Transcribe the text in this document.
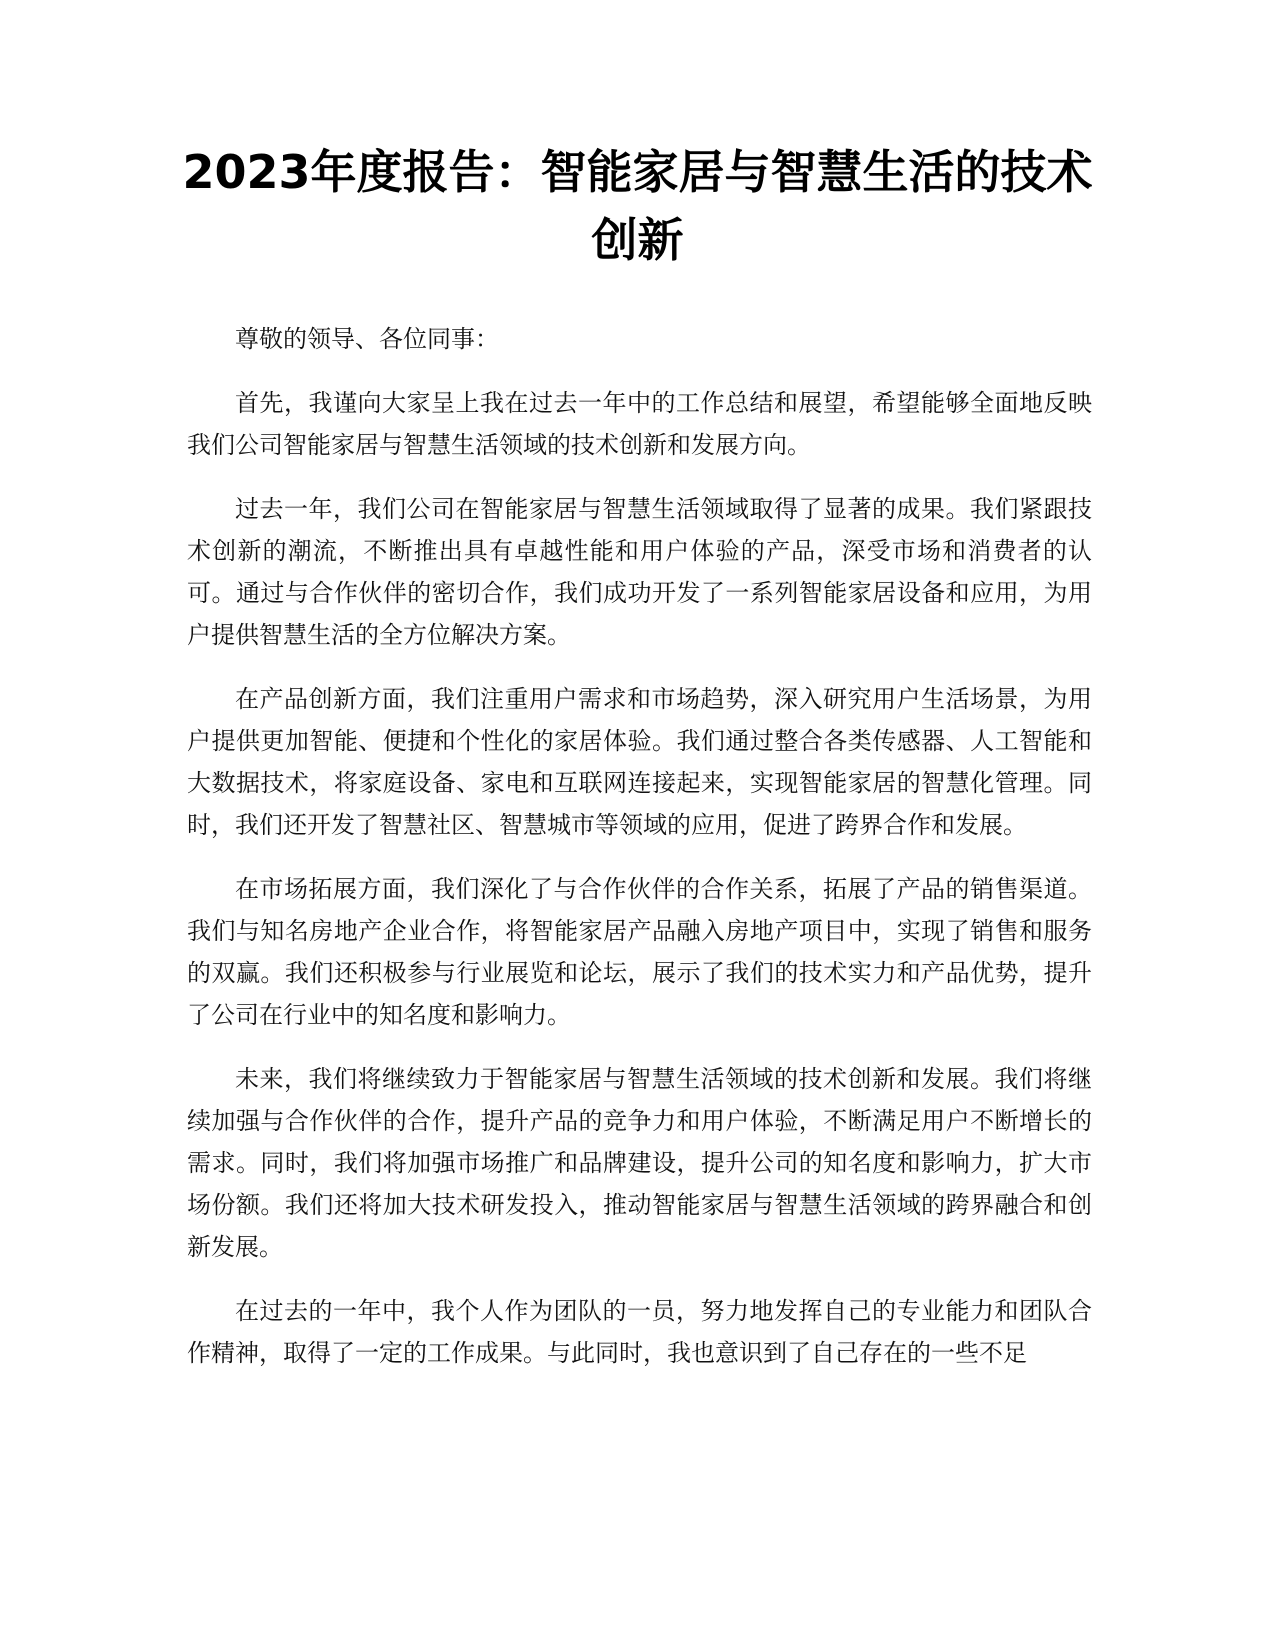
2023年度报告：智能家居与智慧生活的技术创新

尊敬的领导、各位同事：

首先，我谨向大家呈上我在过去一年中的工作总结和展望，希望能够全面地反映我们公司智能家居与智慧生活领域的技术创新和发展方向。

过去一年，我们公司在智能家居与智慧生活领域取得了显著的成果。我们紧跟技术创新的潮流，不断推出具有卓越性能和用户体验的产品，深受市场和消费者的认可。通过与合作伙伴的密切合作，我们成功开发了一系列智能家居设备和应用，为用户提供智慧生活的全方位解决方案。

在产品创新方面，我们注重用户需求和市场趋势，深入研究用户生活场景，为用户提供更加智能、便捷和个性化的家居体验。我们通过整合各类传感器、人工智能和大数据技术，将家庭设备、家电和互联网连接起来，实现智能家居的智慧化管理。同时，我们还开发了智慧社区、智慧城市等领域的应用，促进了跨界合作和发展。

在市场拓展方面，我们深化了与合作伙伴的合作关系，拓展了产品的销售渠道。我们与知名房地产企业合作，将智能家居产品融入房地产项目中，实现了销售和服务的双赢。我们还积极参与行业展览和论坛，展示了我们的技术实力和产品优势，提升了公司在行业中的知名度和影响力。

未来，我们将继续致力于智能家居与智慧生活领域的技术创新和发展。我们将继续加强与合作伙伴的合作，提升产品的竞争力和用户体验，不断满足用户不断增长的需求。同时，我们将加强市场推广和品牌建设，提升公司的知名度和影响力，扩大市场份额。我们还将加大技术研发投入，推动智能家居与智慧生活领域的跨界融合和创新发展。

在过去的一年中，我个人作为团队的一员，努力地发挥自己的专业能力和团队合作精神，取得了一定的工作成果。与此同时，我也意识到了自己存在的一些不足
